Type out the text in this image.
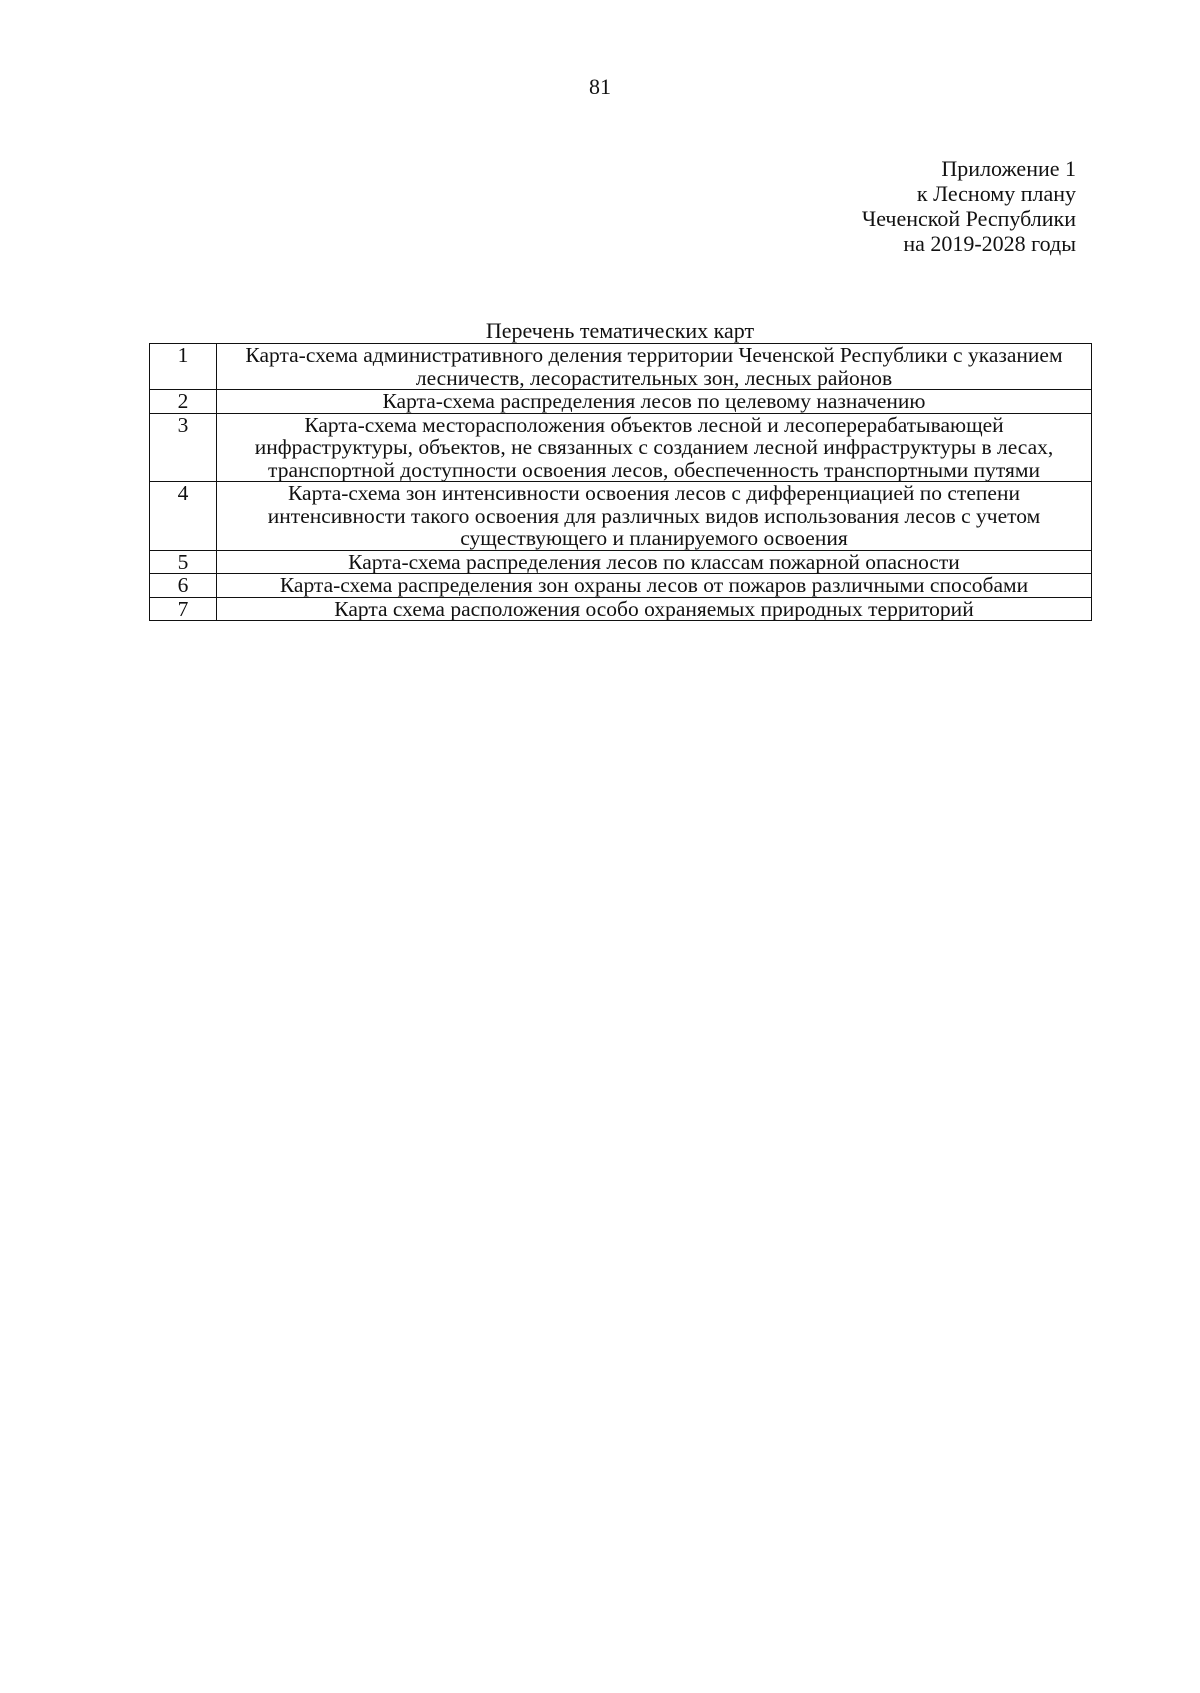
81
Приложение 1
к Лесному плану
Чеченской Республики
на 2019-2028 годы
Перечень тематических карт
1	Карта-схема административного деления территории Чеченской Республики с указанием лесничеств, лесорастительных зон, лесных районов
2	Карта-схема распределения лесов по целевому назначению
3	Карта-схема месторасположения объектов лесной и лесоперерабатывающей инфраструктуры, объектов, не связанных с созданием лесной инфраструктуры в лесах, транспортной доступности освоения лесов, обеспеченность транспортными путями
4	Карта-схема зон интенсивности освоения лесов с дифференциацией по степени интенсивности такого освоения для различных видов использования лесов с учетом существующего и планируемого освоения
5	Карта-схема распределения лесов по классам пожарной опасности
6	Карта-схема распределения зон охраны лесов от пожаров различными способами
7	Карта схема расположения особо охраняемых природных территорий
